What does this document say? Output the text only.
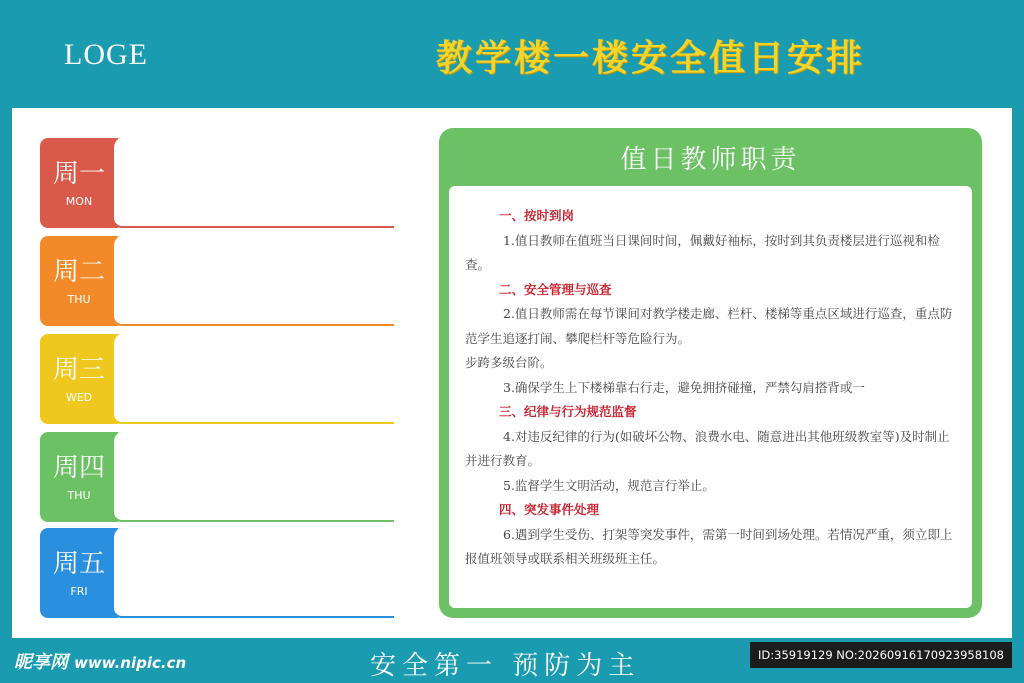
LOGE	教学楼一楼安全值日安排
周一
MON
周二
THU
周三
WED
周四
THU
周五
FRI
值日教师职责
一、按时到岗
1.值日教师在值班当日课间时间，佩戴好袖标，按时到其负责楼层进行巡视和检查。
二、安全管理与巡查
2.值日教师需在每节课间对教学楼走廊、栏杆、楼梯等重点区域进行巡查，重点防范学生追逐打闹、攀爬栏杆等危险行为。
步跨多级台阶。
3.确保学生上下楼梯靠右行走，避免拥挤碰撞，严禁勾肩搭背或一
三、纪律与行为规范监督
4.对违反纪律的行为(如破坏公物、浪费水电、随意进出其他班级教室等)及时制止并进行教育。
5.监督学生文明活动，规范言行举止。
四、突发事件处理
6.遇到学生受伤、打架等突发事件，需第一时间到场处理。若情况严重，须立即上报值班领导或联系相关班级班主任。
昵享网 www.nipic.cn	安全第一 预防为主	ID:35919129 NO:20260916170923958108
